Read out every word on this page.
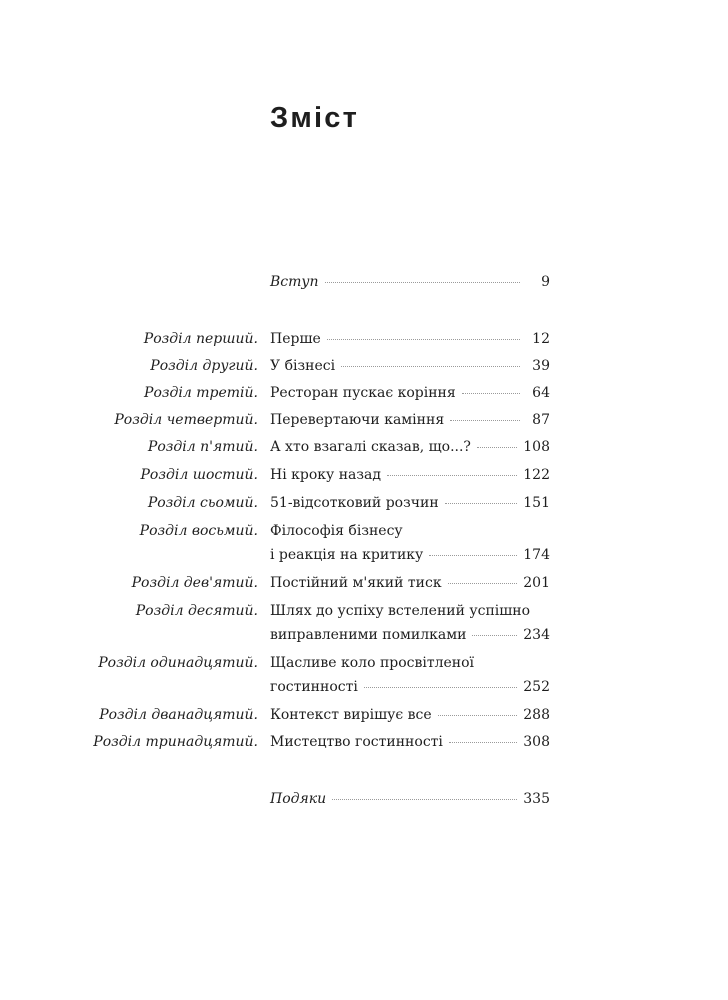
Зміст
Вступ	9
Розділ перший. Перше	12
Розділ другий. У бізнесі	39
Розділ третій. Ресторан пускає коріння	64
Розділ четвертий. Перевертаючи каміння	87
Розділ п'ятий. А хто взагалі сказав, що...?	108
Розділ шостий. Ні кроку назад	122
Розділ сьомий. 51-відсотковий розчин	151
Розділ восьмий. Філософія бізнесу
і реакція на критику	174
Розділ дев'ятий. Постійний м'який тиск	201
Розділ десятий. Шлях до успіху встелений успішно
виправленими помилками	234
Розділ одинадцятий. Щасливе коло просвітленої
гостинності	252
Розділ дванадцятий. Контекст вирішує все	288
Розділ тринадцятий. Мистецтво гостинності	308
Подяки	335
